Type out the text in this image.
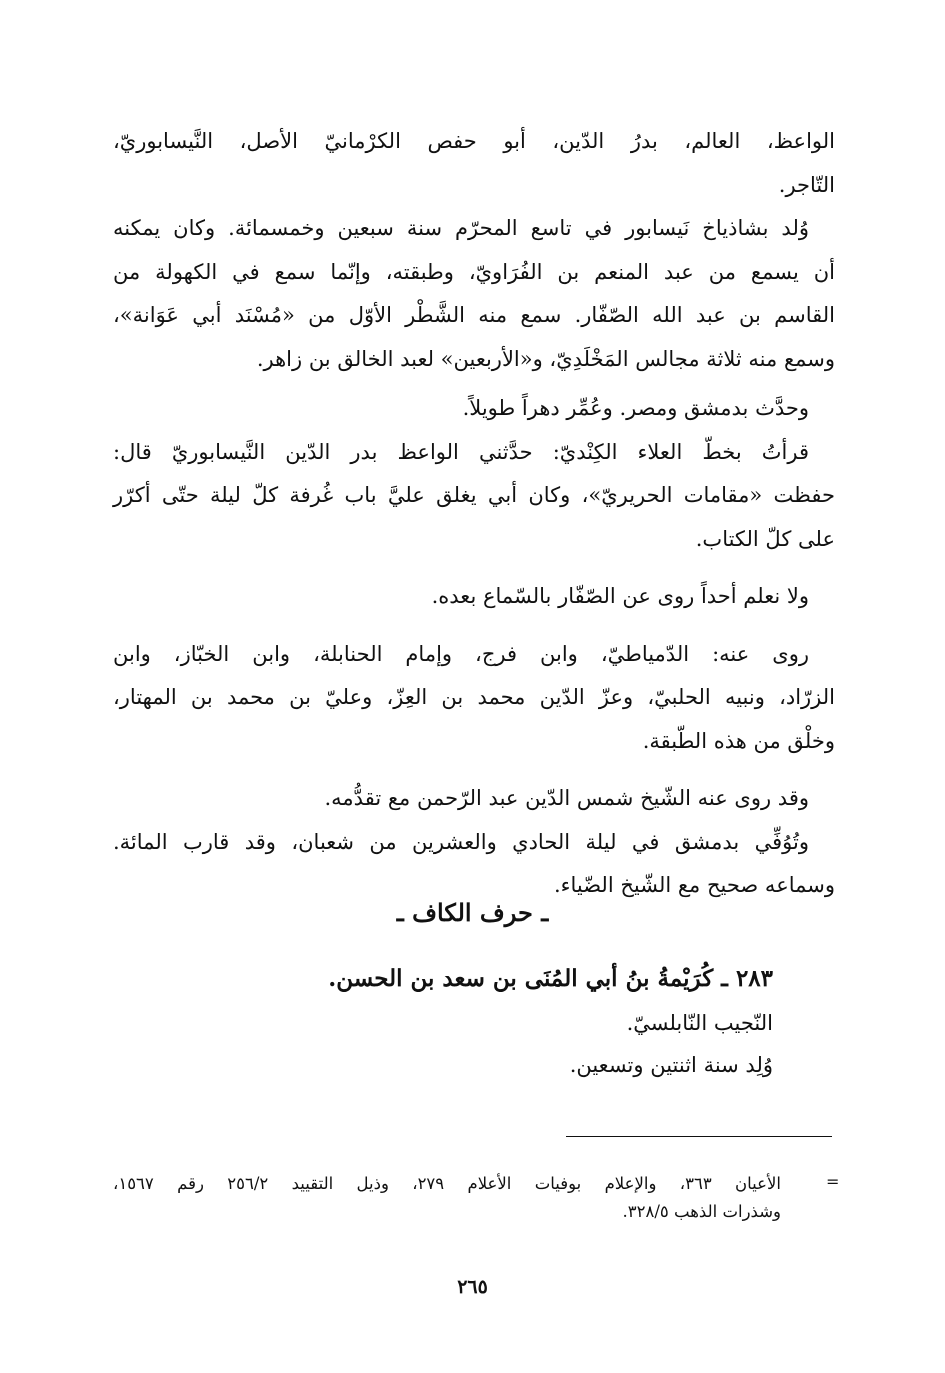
الواعظ، العالم، بدرُ الدّين، أبو حفص الكرْمانيّ الأصل، النَّيسابوريّ،
التّاجر.
وُلد بشاذياخ نَيسابور في تاسع المحرّم سنة سبعين وخمسمائة. وكان يمكنه
أن يسمع من عبد المنعم بن الفُرَاويّ، وطبقته، وإنّما سمع في الكهولة من
القاسم بن عبد الله الصّفّار. سمع منه الشَّطْر الأوّل من «مُسْنَد أبي عَوَانة»،
وسمع منه ثلاثة مجالس المَخْلَدِيّ، و«الأربعين» لعبد الخالق بن زاهر.
وحدَّث بدمشق ومصر. وعُمِّر دهراً طويلاً.
قرأتُ بخطّ العلاء الكِنْديّ: حدَّثني الواعظ بدر الدّين النَّيسابوريّ قال:
حفظت «مقامات الحريريّ»، وكان أبي يغلق عليَّ باب غُرفة كلّ ليلة حتّى أكرّر
على كلّ الكتاب.
ولا نعلم أحداً روى عن الصّفّار بالسّماع بعده.
روى عنه: الدّمياطيّ، وابن فرج، وإمام الحنابلة، وابن الخبّاز، وابن
الزرّاد، ونبيه الحلبيّ، وعزّ الدّين محمد بن العِزّ، وعليّ بن محمد بن المهتار،
وخلْق من هذه الطّبقة.
وقد روى عنه الشّيخ شمس الدّين عبد الرّحمن مع تقدُّمه.
وتُوُفِّي بدمشق في ليلة الحادي والعشرين من شعبان، وقد قارب المائة.
وسماعه صحيح مع الشّيخ الضّياء.
ـ حرف الكاف ـ
٢٨٣ ـ كُرَيْمةُ بنُ أبي المُنَى بن سعد بن الحسن.
النّجيب النّابلسيّ.
وُلِد سنة اثنتين وتسعين.
=
الأعيان ٣٦٣، والإعلام بوفيات الأعلام ٢٧٩، وذيل التقييد ٢٥٦/٢ رقم ١٥٦٧،
وشذرات الذهب ٣٢٨/٥.
٢٦٥
